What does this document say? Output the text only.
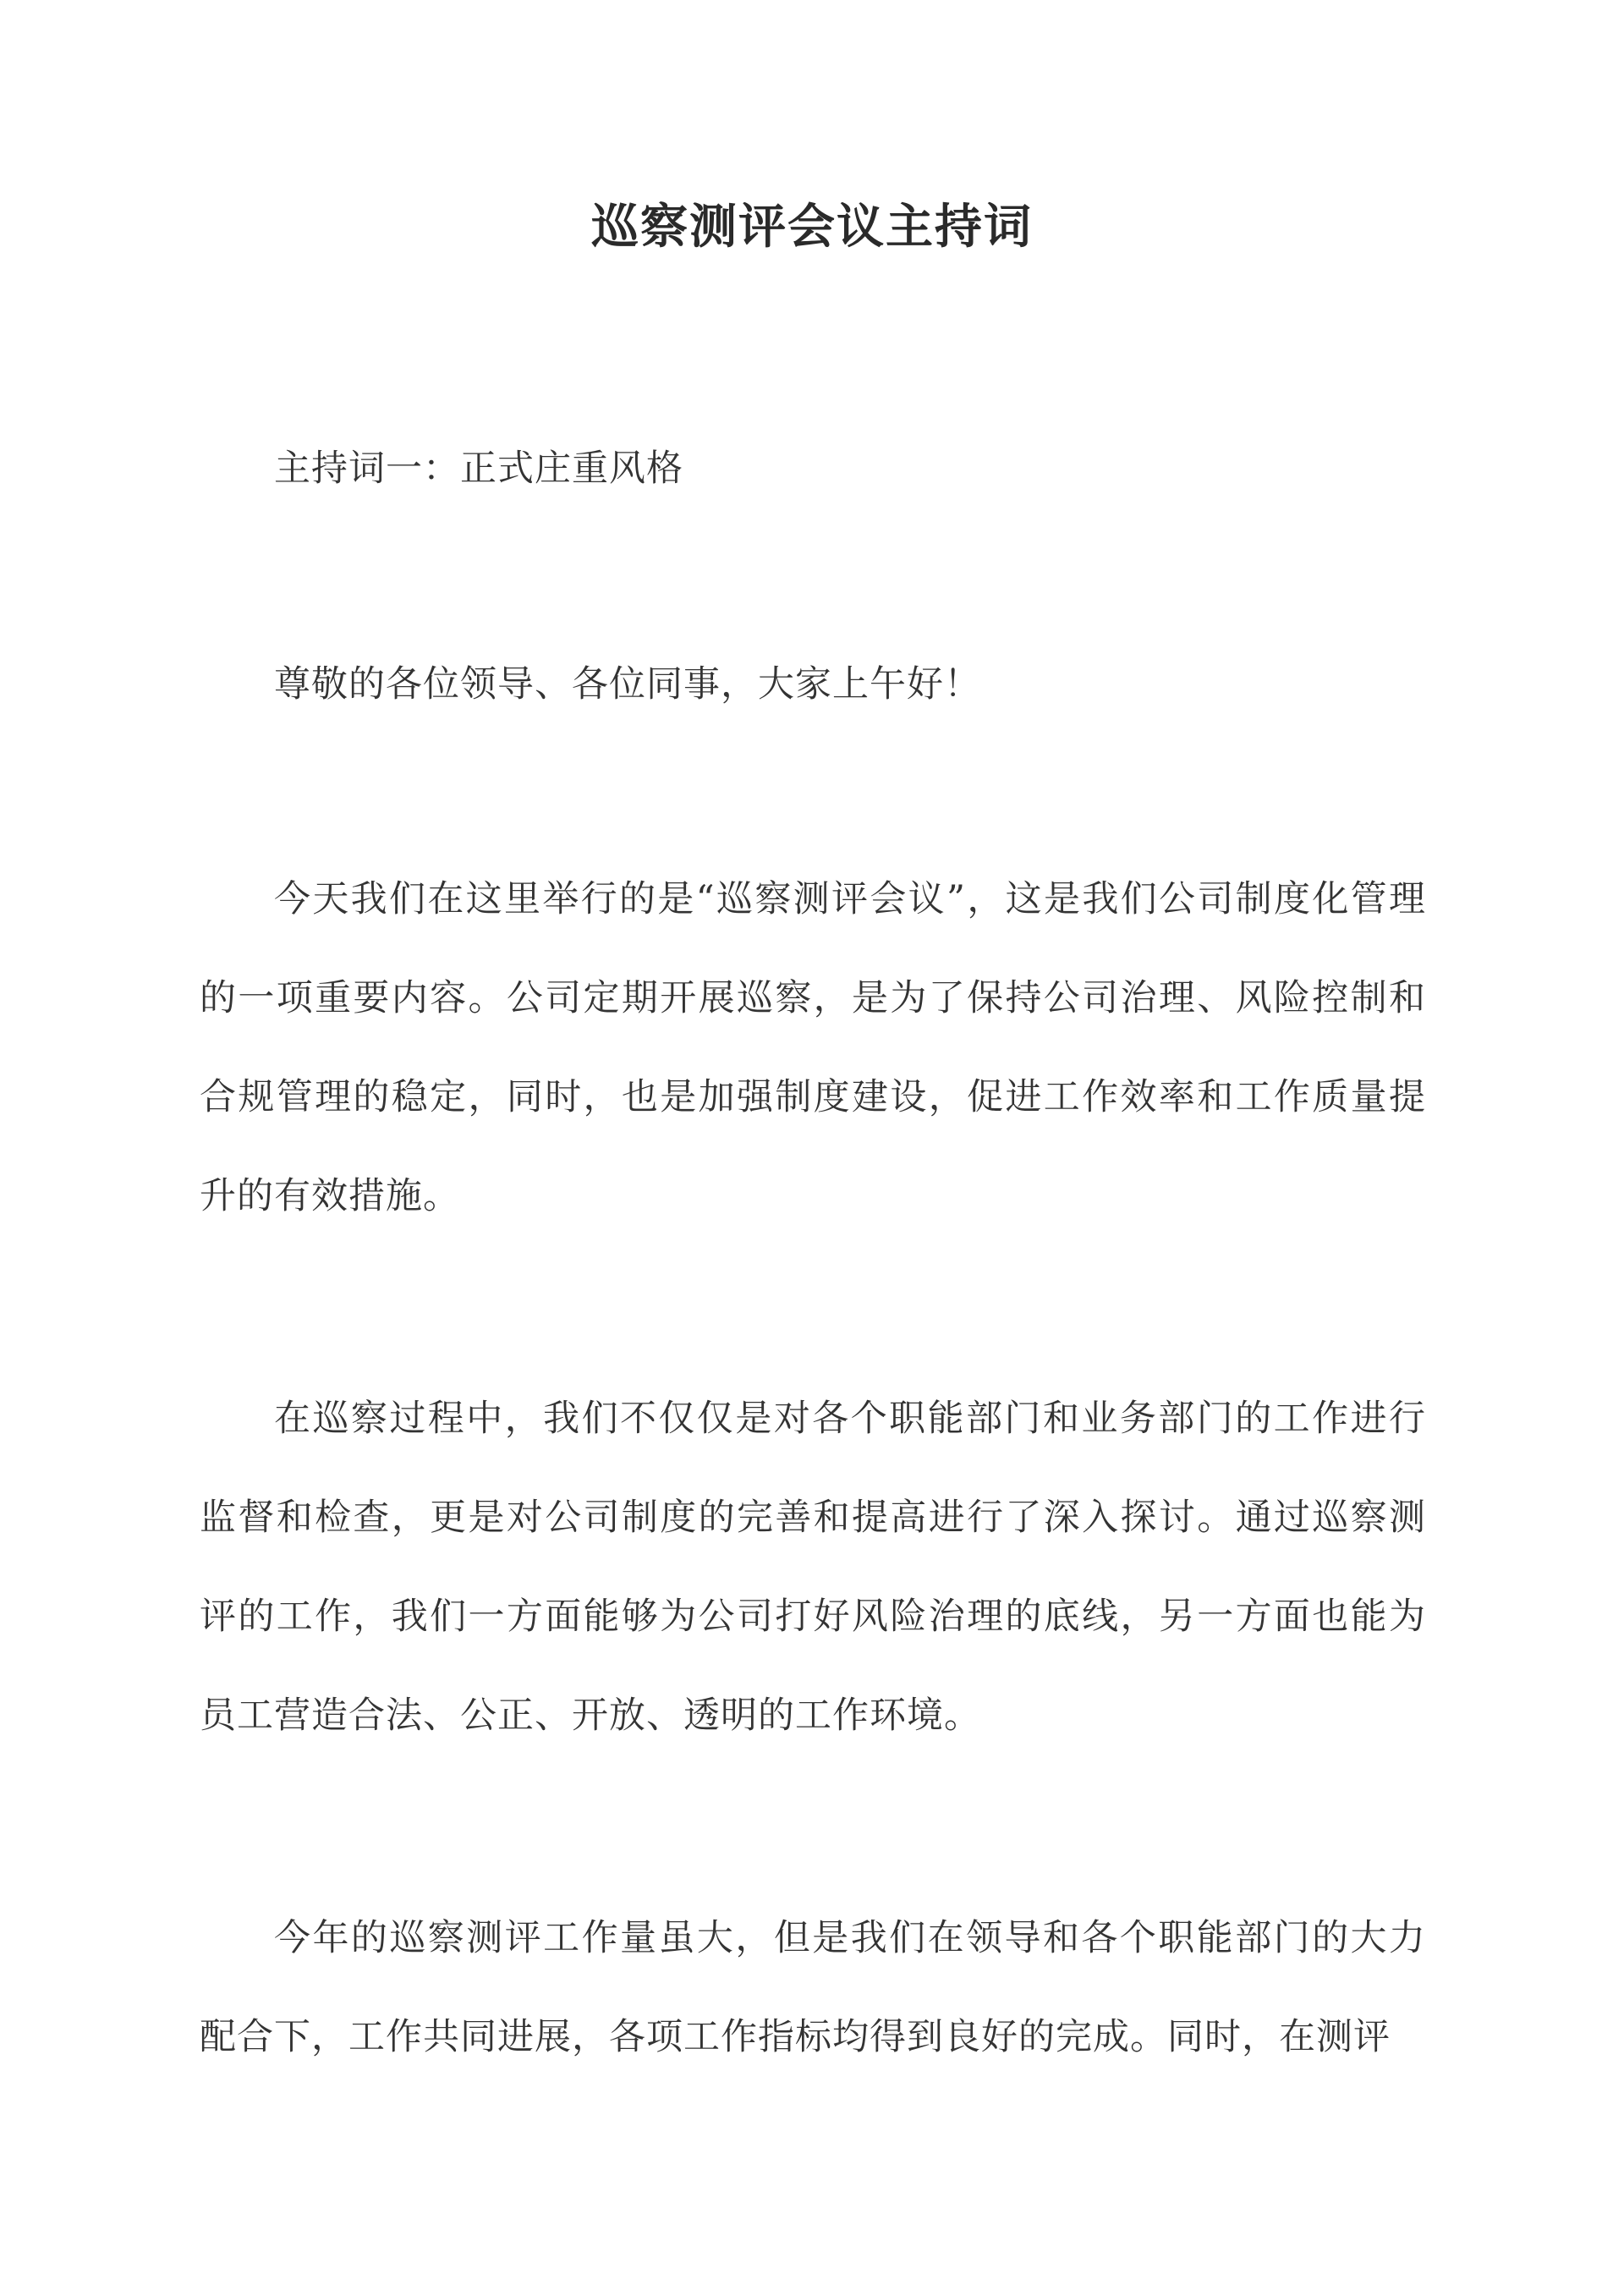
巡察测评会议主持词

主持词一：正式庄重风格

尊敬的各位领导、各位同事，大家上午好！

今天我们在这里举行的是“巡察测评会议”，这是我们公司制度化管理的一项重要内容。公司定期开展巡察，是为了保持公司治理、风险控制和合规管理的稳定，同时，也是加强制度建设，促进工作效率和工作质量提升的有效措施。

在巡察过程中，我们不仅仅是对各个职能部门和业务部门的工作进行监督和检查，更是对公司制度的完善和提高进行了深入探讨。通过巡察测评的工作，我们一方面能够为公司打好风险治理的底线，另一方面也能为员工营造合法、公正、开放、透明的工作环境。

今年的巡察测评工作量虽大，但是我们在领导和各个职能部门的大力配合下，工作共同进展，各项工作指标均得到良好的完成。同时，在测评
